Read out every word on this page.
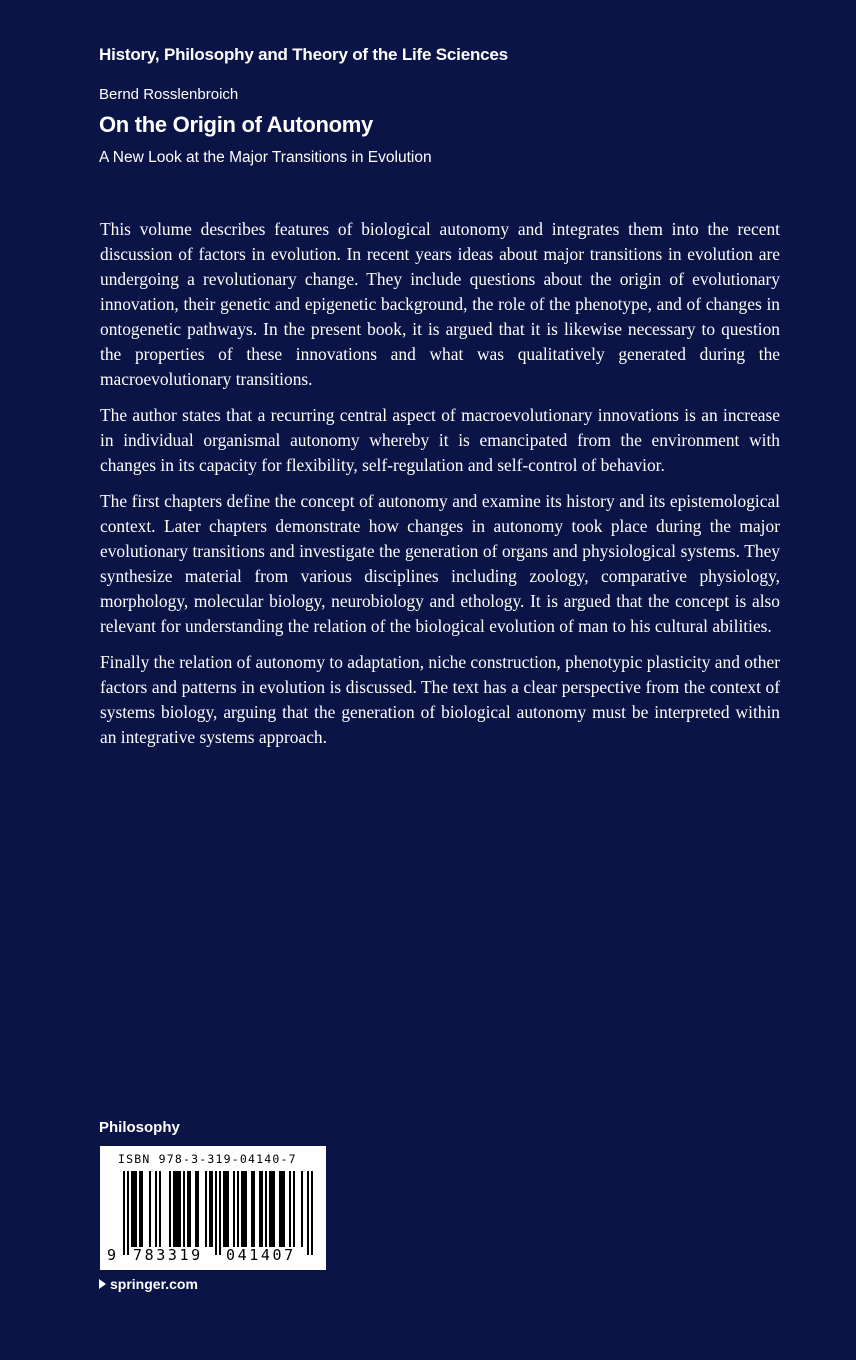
History, Philosophy and Theory of the Life Sciences
Bernd Rosslenbroich
On the Origin of Autonomy
A New Look at the Major Transitions in Evolution

This volume describes features of biological autonomy and integrates them into the recent discussion of factors in evolution. In recent years ideas about major transitions in evolution are undergoing a revolutionary change. They include questions about the origin of evolutionary innovation, their genetic and epigenetic background, the role of the phenotype, and of changes in ontogenetic pathways. In the present book, it is argued that it is likewise necessary to question the properties of these innovations and what was qualitatively generated during the macroevolutionary transitions.

The author states that a recurring central aspect of macroevolutionary innovations is an increase in individual organismal autonomy whereby it is emancipated from the environment with changes in its capacity for flexibility, self-regulation and self-control of behavior.

The first chapters define the concept of autonomy and examine its history and its epistemological context. Later chapters demonstrate how changes in autonomy took place during the major evolutionary transitions and investigate the generation of organs and physiological systems. They synthesize material from various disciplines including zoology, comparative physiology, morphology, molecular biology, neurobiology and ethology. It is argued that the concept is also relevant for understanding the relation of the biological evolution of man to his cultural abilities.

Finally the relation of autonomy to adaptation, niche construction, phenotypic plasticity and other factors and patterns in evolution is discussed. The text has a clear perspective from the context of systems biology, arguing that the generation of biological autonomy must be interpreted within an integrative systems approach.

Philosophy
ISBN 978-3-319-04140-7
9 783319 041407
springer.com
